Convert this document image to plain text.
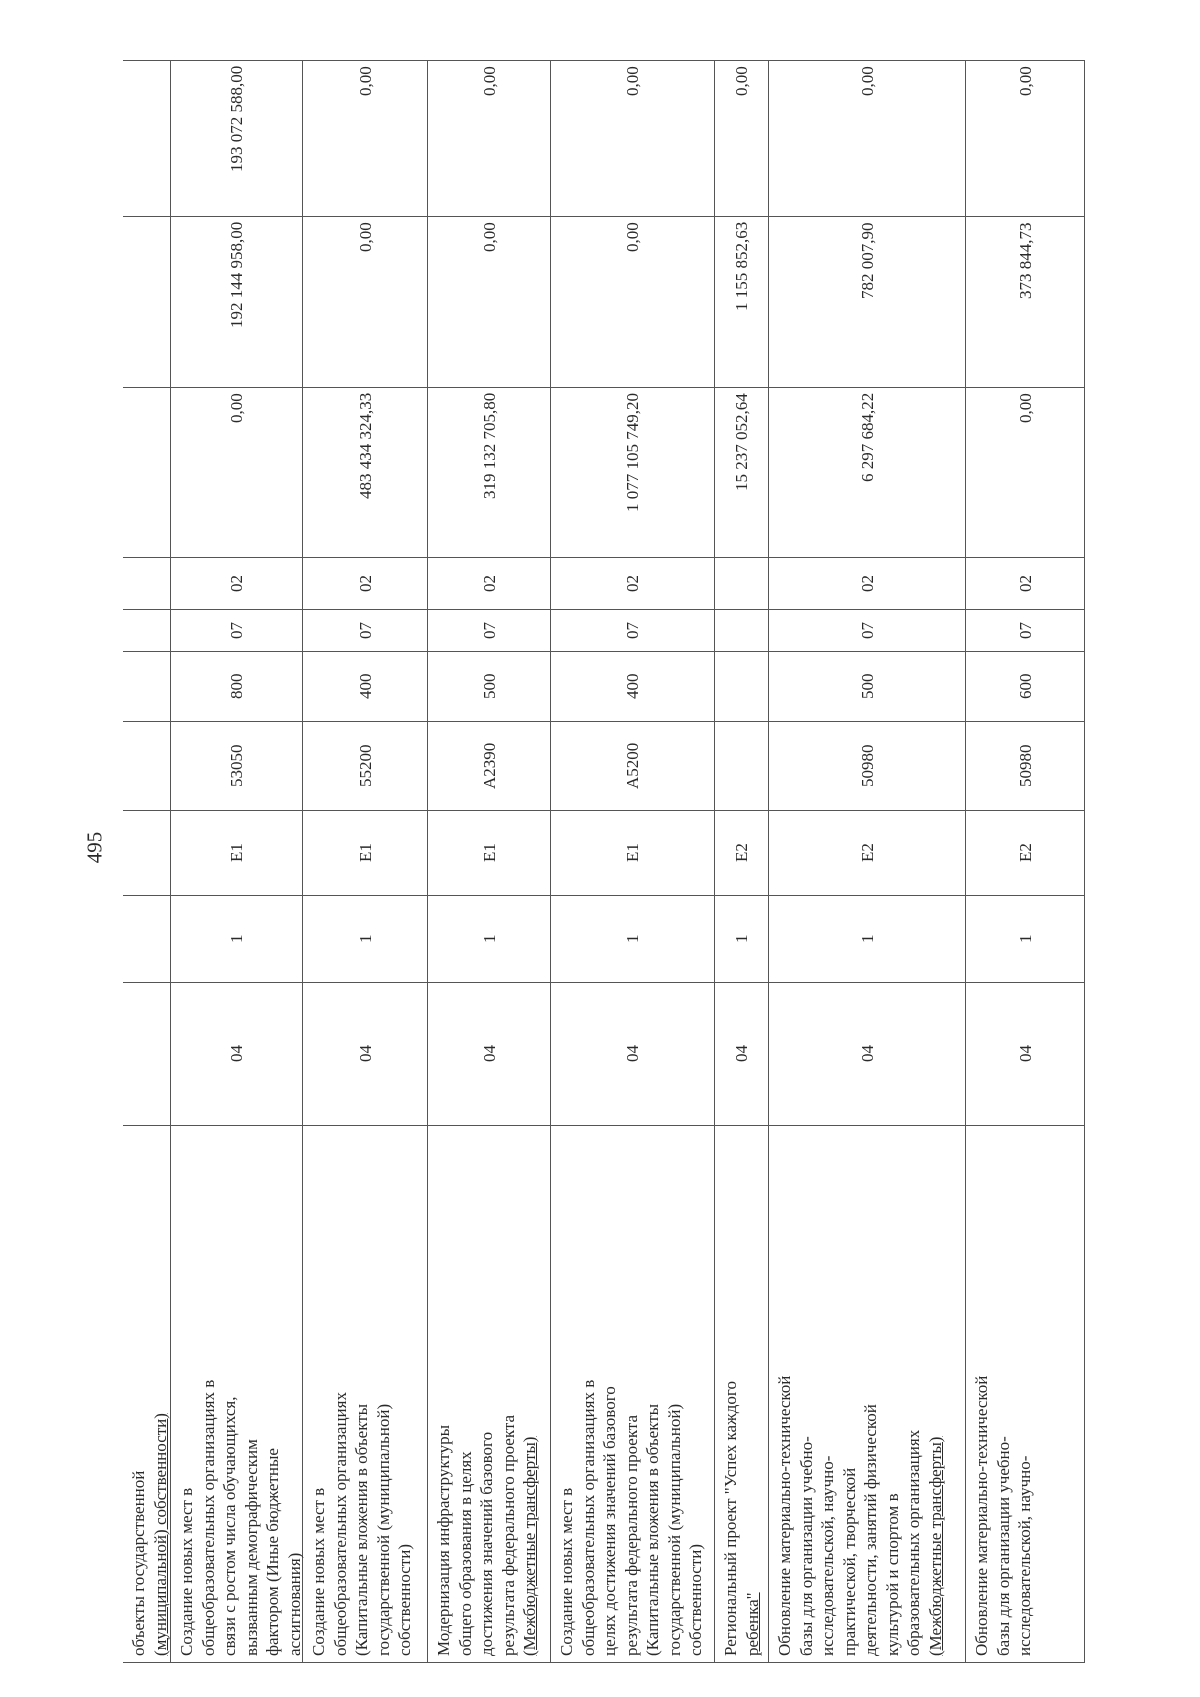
495
объекты государственной (муниципальной) собственности) Создание новых мест в общеобразовательных организациях в связи с ростом числа обучающихся, вызванным демографическим фактором (Иные бюджетные ассигнования)
04
1
Е1
53050
800
07
02
0,00
192 144 958,00
193 072 588,00
Создание новых мест в общеобразовательных организациях (Капитальные вложения в объекты государственной (муниципальной) собственности)
04
1
Е1
55200
400
07
02
483 434 324,33
0,00
0,00
Модернизация инфраструктуры общего образования в целях достижения значений базового результата федерального проекта (Межбюджетные трансферты)
04
1
Е1
А2390
500
07
02
319 132 705,80
0,00
0,00
Создание новых мест в общеобразовательных организациях в целях достижения значений базового результата федерального проекта (Капитальные вложения в объекты государственной (муниципальной) собственности)
04
1
Е1
А5200
400
07
02
1 077 105 749,20
0,00
0,00
Региональный проект "Успех каждого ребенка"
04
1
Е2
15 237 052,64
1 155 852,63
0,00
Обновление материально-технической базы для организации учебно- исследовательской, научно- практической, творческой деятельности, занятий физической культурой и спортом в образовательных организациях (Межбюджетные трансферты)
04
1
Е2
50980
500
07
02
6 297 684,22
782 007,90
0,00
Обновление материально-технической базы для организации учебно- исследовательской, научно-
04
1
Е2
50980
600
07
02
0,00
373 844,73
0,00
